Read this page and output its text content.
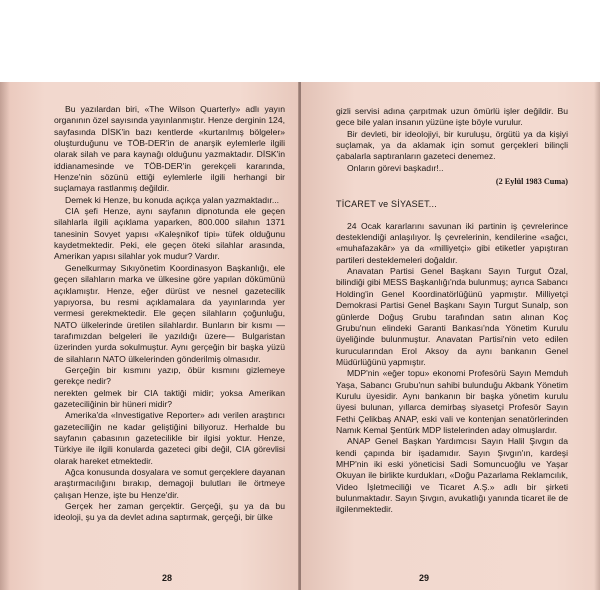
Bu yazılardan biri, «The Wilson Quarterly» adlı yayın organının özel sayısında yayınlanmıştır. Henze derginin 124, sayfasında DİSK'in bazı kentlerde «kurtarılmış bölgeler» oluşturduğunu ve TÖB-DER'in de anarşik eylemlerle ilgili olarak silah ve para kaynağı olduğunu yazmaktadır. DİSK'in iddianamesinde ve TÖB-DER'in gerekçeli kararında, Henze'nin sözünü ettiği eylemlerle ilgili herhangi bir suçlamaya rastlanmış değildir.

Demek ki Henze, bu konuda açıkça yalan yazmaktadır...

CIA şefi Henze, aynı sayfanın dipnotunda ele geçen silahlarla ilgili açıklama yaparken, 800.000 silahın 1371 tanesinin Sovyet yapısı «Kaleşnikof tipi» tüfek olduğunu kaydetmektedir. Peki, ele geçen öteki silahlar arasında, Amerikan yapısı silahlar yok mudur? Vardır.

Genelkurmay Sıkıyönetim Koordinasyon Başkanlığı, ele geçen silahların marka ve ülkesine göre yapılan dökümünü açıklamıştır. Henze, eğer dürüst ve nesnel gazetecilik yapıyorsa, bu resmi açıklamalara da yayınlarında yer vermesi gerekmektedir. Ele geçen silahların çoğunluğu, NATO ülkelerinde üretilen silahlardır. Bunların bir kısmı —tarafımızdan belgeleri ile yazıldığı üzere— Bulgaristan üzerinden yurda sokulmuştur. Aynı gerçeğin bir başka yüzü de silahların NATO ülkelerinden gönderilmiş olmasıdır.

Gerçeğin bir kısmını yazıp, öbür kısmını gizlemeye gerekçe nedir?

nerekten gelmek bir CIA taktiği midir; yoksa Amerikan gazeteciliğinin bir hüneri midir?

Amerika'da «Investigative Reporter» adı verilen araştırıcı gazeteciliğin ne kadar geliştiğini biliyoruz. Herhalde bu sayfanın çabasının gazetecilikle bir ilgisi yoktur. Henze, Türkiye ile ilgili konularda gazeteci gibi değil, CIA görevlisi olarak hareket etmektedir.

Ağca konusunda dosyalara ve somut gerçeklere dayanan araştırmacılığını bırakıp, demagoji bulutları ile örtmeye çalışan Henze, işte bu Henze'dir.

Gerçek her zaman gerçektir. Gerçeği, şu ya da bu ideoloji, şu ya da devlet adına saptırmak, gerçeği, bir ülke

28

gizli servisi adına çarpıtmak uzun ömürlü işler değildir. Bu gece bile yalan insanın yüzüne işte böyle vurulur.

Bir devleti, bir ideolojiyi, bir kuruluşu, örgütü ya da kişiyi suçlamak, ya da aklamak için somut gerçekleri bilinçli çabalarla saptıranların gazeteci denemez.

Onların görevi başkadır!..

(2 Eylül 1983 Cuma)
TİCARET ve SİYASET...

24 Ocak kararlarını savunan iki partinin iş çevrelerince desteklendiği anlaşılıyor. İş çevrelerinin, kendilerine «sağcı, «muhafazakâr» ya da «milliyetçi» gibi etiketler yapıştıran partileri desteklemeleri doğaldır.

Anavatan Partisi Genel Başkanı Sayın Turgut Özal, bilindiği gibi MESS Başkanlığı'nda bulunmuş; ayrıca Sabancı Holding'in Genel Koordinatörlüğünü yapmıştır. Milliyetçi Demokrasi Partisi Genel Başkanı Sayın Turgut Sunalp, son günlerde Doğuş Grubu tarafından satın alınan Koç Grubu'nun elindeki Garanti Bankası'nda Yönetim Kurulu üyeliğinde bulunmuştur. Anavatan Partisi'nin veto edilen kurucularından Erol Aksoy da aynı bankanın Genel Müdürlüğünü yapmıştır.

MDP'nin «eğer topu» ekonomi Profesörü Sayın Memduh Yaşa, Sabancı Grubu'nun sahibi bulunduğu Akbank Yönetim Kurulu üyesidir. Aynı bankanın bir başka yönetim kurulu üyesi bulunan, yıllarca demirbaş siyasetçi Profesör Sayın Fethi Çelikbaş ANAP, eski vali ve kontenjan senatörlerinden Namık Kemal Şentürk MDP listelerinden aday olmuşlardır.

ANAP Genel Başkan Yardımcısı Sayın Halil Şıvgın da kendi çapında bir işadamıdır. Sayın Şıvgın'ın, kardeşi MHP'nin iki eski yöneticisi Sadi Somuncuoğlu ve Yaşar Okuyan ile birlikte kurdukları, «Doğu Pazarlama Reklamcılık, Video İşletmeciliği ve Ticaret A.Ş.» adlı bir şirketi bulunmaktadır. Sayın Şıvgın, avukatlığı yanında ticaret ile de ilgilenmektedir.

29
